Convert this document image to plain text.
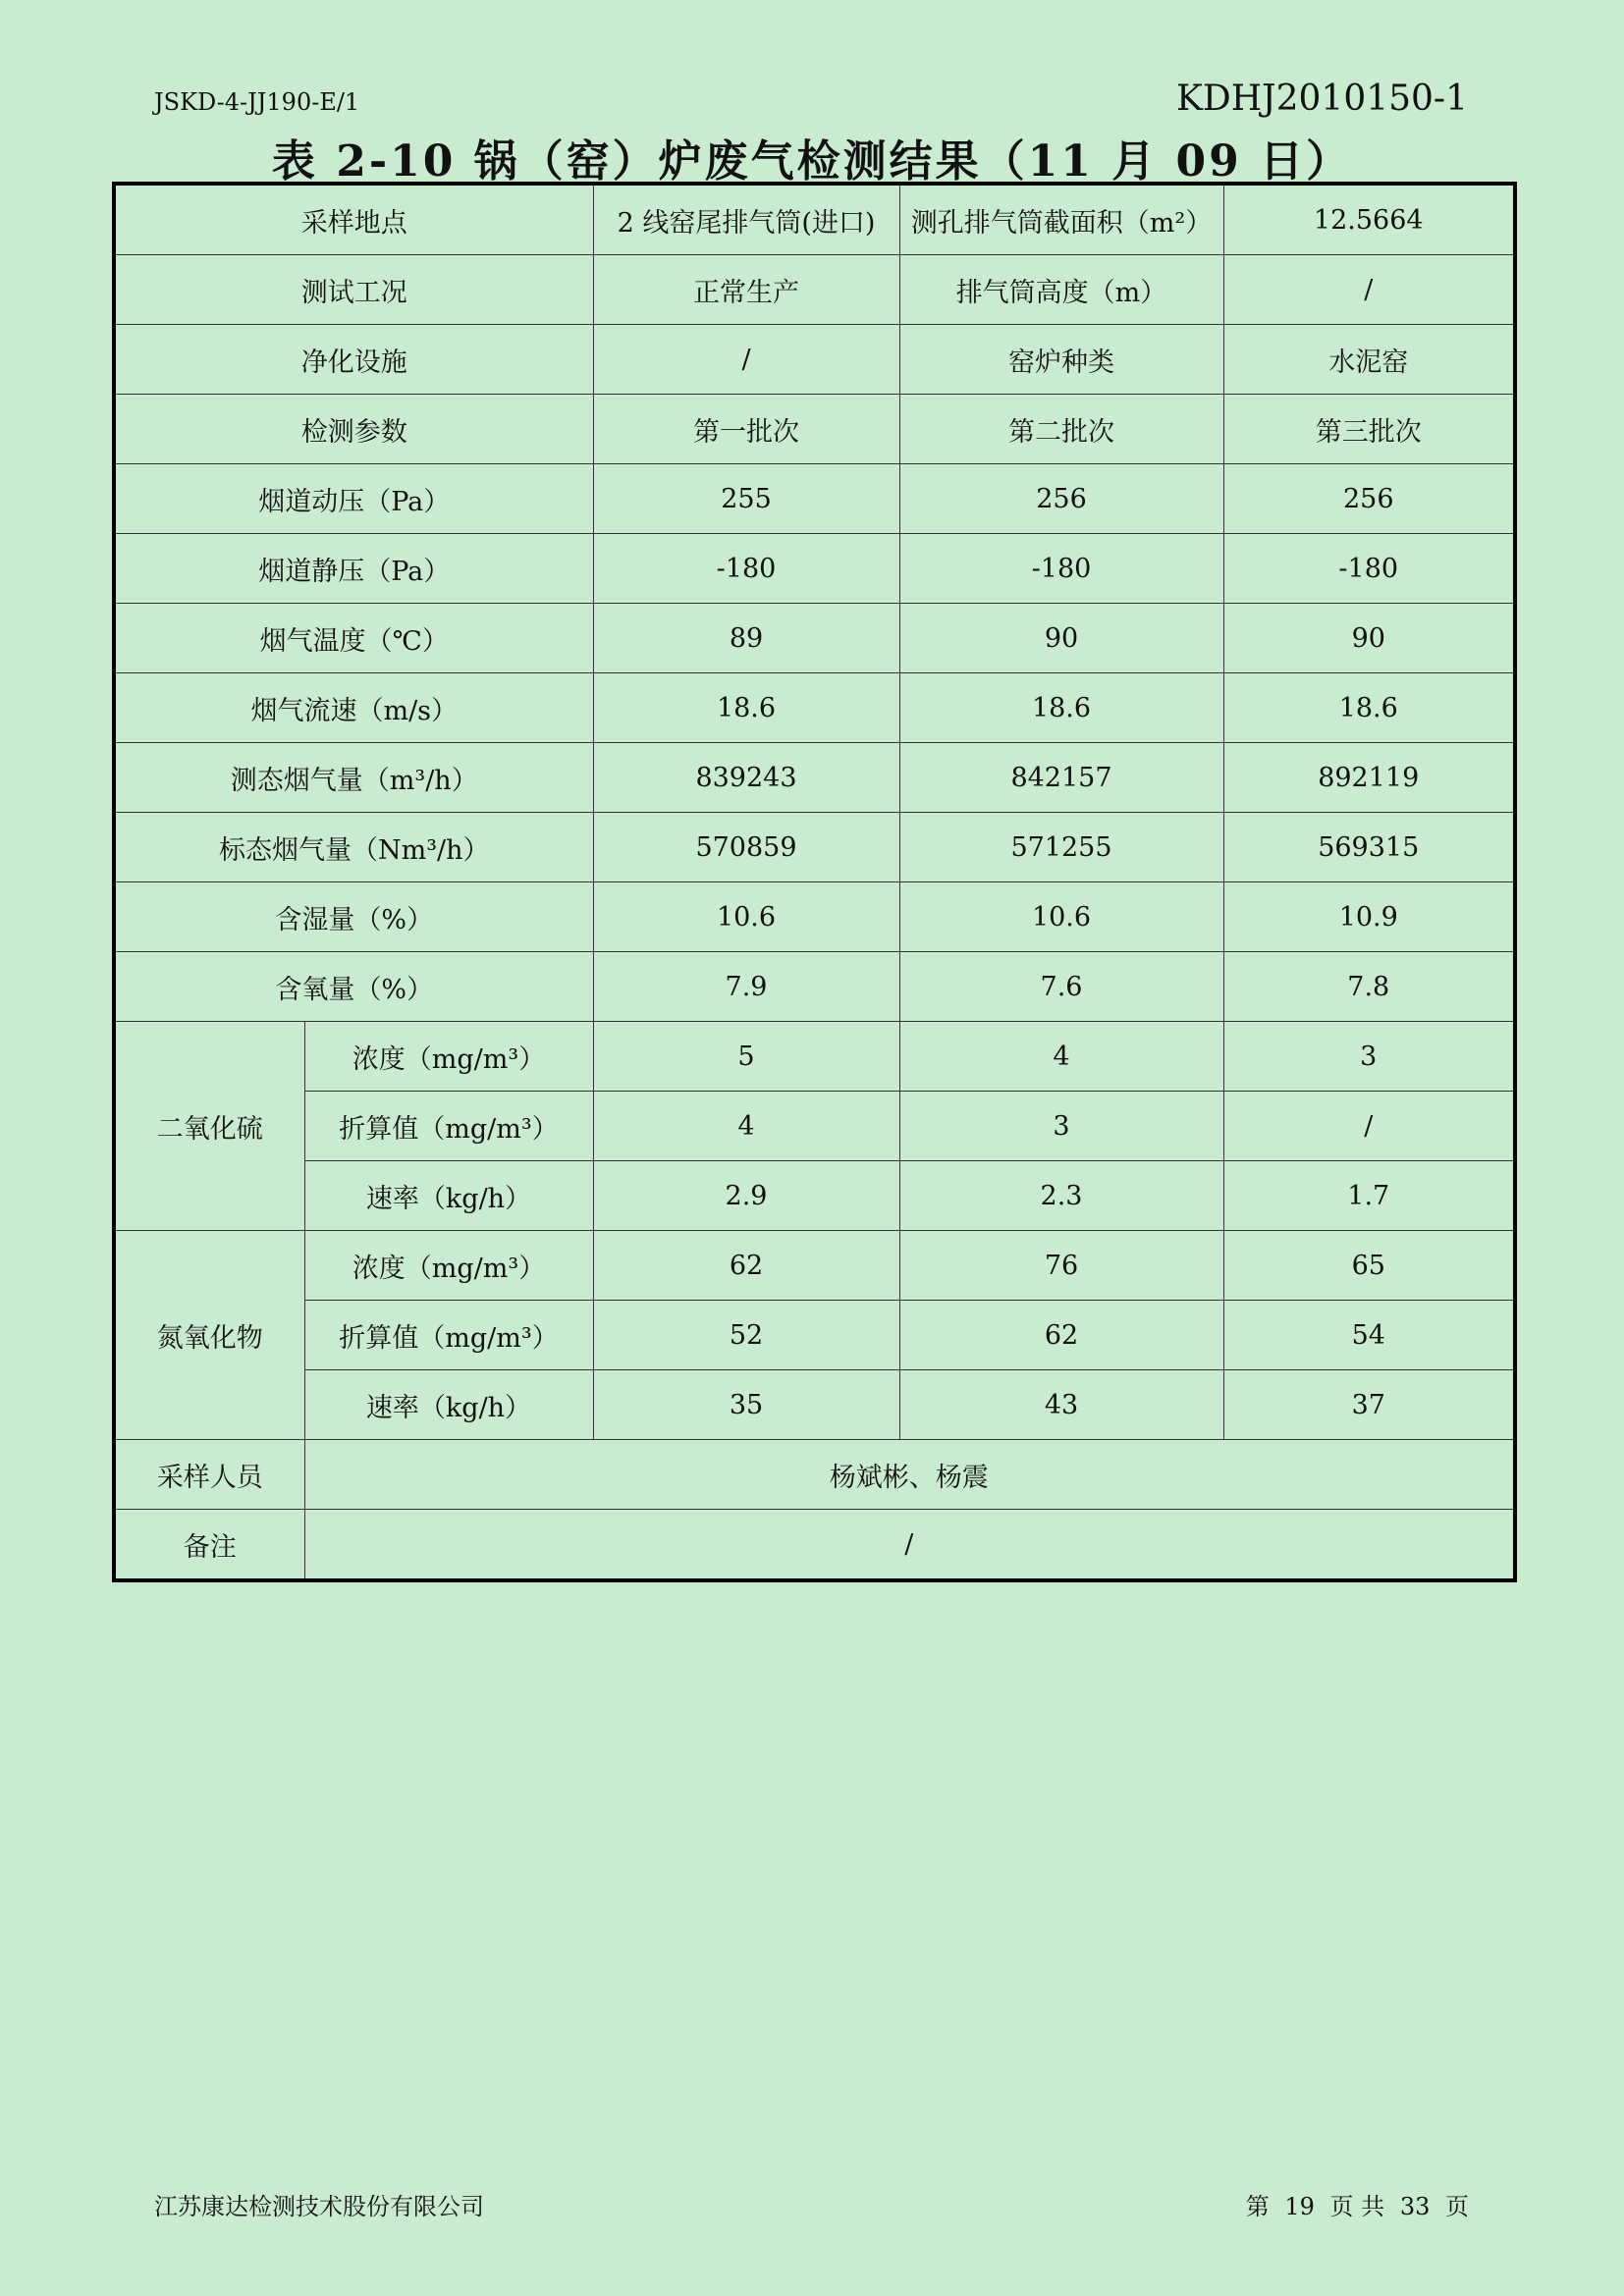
JSKD-4-JJ190-E/1	KDHJ2010150-1
表 2-10 锅（窑）炉废气检测结果（11 月 09 日）
采样地点		2 线窑尾排气筒(进口)	测孔排气筒截面积（m²）	12.5664
测试工况		正常生产	排气筒高度（m）	/
净化设施		/	窑炉种类	水泥窑
检测参数		第一批次	第二批次	第三批次
烟道动压（Pa）		255	256	256
烟道静压（Pa）		-180	-180	-180
烟气温度（℃）		89	90	90
烟气流速（m/s）		18.6	18.6	18.6
测态烟气量（m³/h）		839243	842157	892119
标态烟气量（Nm³/h）		570859	571255	569315
含湿量（%）		10.6	10.6	10.9
含氧量（%）		7.9	7.6	7.8
二氧化硫	浓度（mg/m³）	5	4	3
	折算值（mg/m³）	4	3	/
	速率（kg/h）	2.9	2.3	1.7
氮氧化物	浓度（mg/m³）	62	76	65
	折算值（mg/m³）	52	62	54
	速率（kg/h）	35	43	37
采样人员	杨斌彬、杨震			
备注	/			
江苏康达检测技术股份有限公司	第 19 页 共 33 页
